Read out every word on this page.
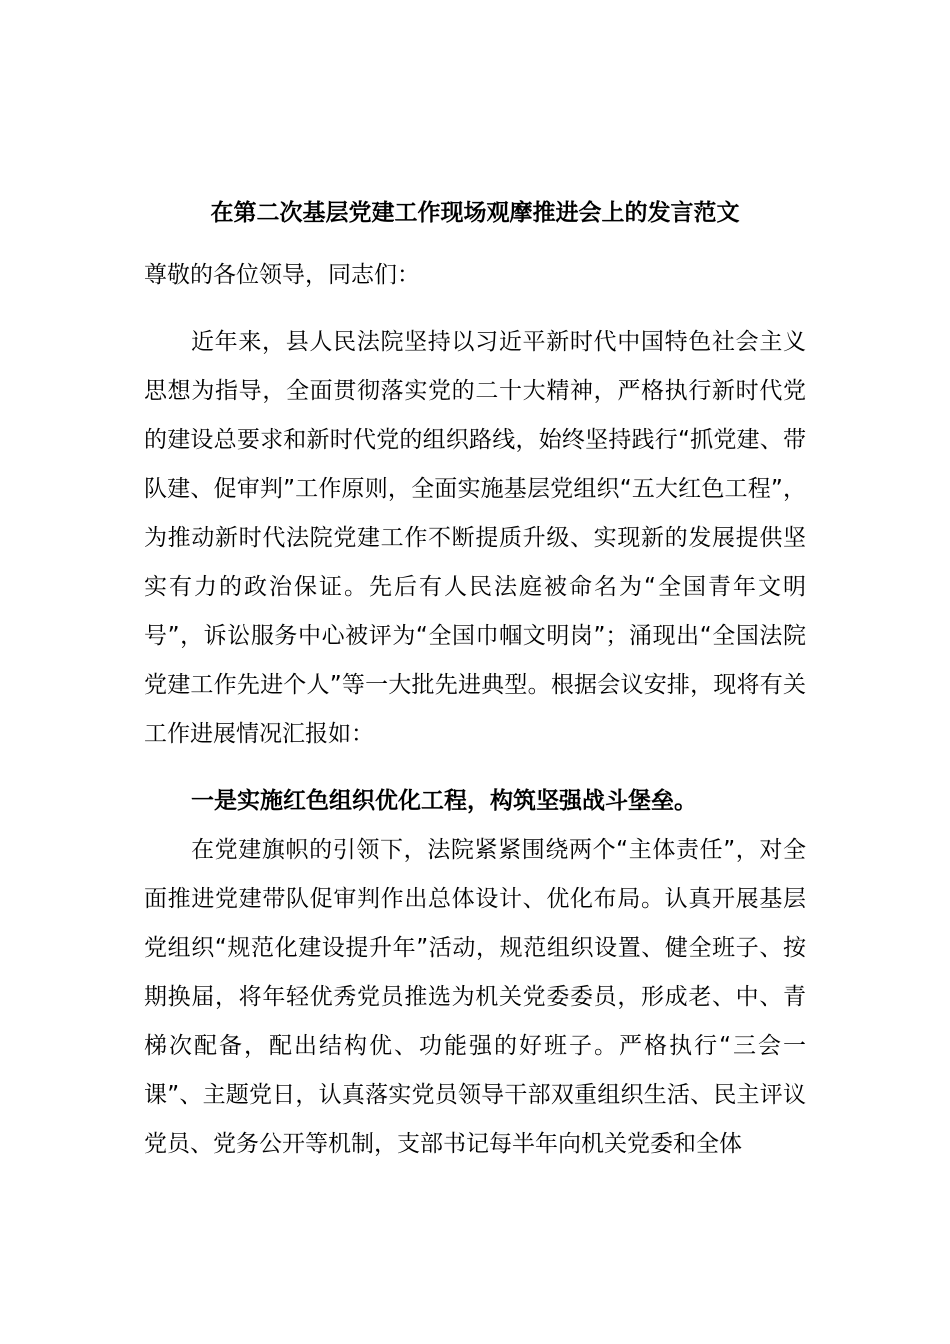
在第二次基层党建工作现场观摩推进会上的发言范文
尊敬的各位领导，同志们：

近年来，县人民法院坚持以习近平新时代中国特色社会主义思想为指导，全面贯彻落实党的二十大精神，严格执行新时代党的建设总要求和新时代党的组织路线，始终坚持践行“抓党建、带队建、促审判”工作原则，全面实施基层党组织“五大红色工程”，为推动新时代法院党建工作不断提质升级、实现新的发展提供坚实有力的政治保证。先后有人民法庭被命名为“全国青年文明号”，诉讼服务中心被评为“全国巾帼文明岗”；涌现出“全国法院党建工作先进个人”等一大批先进典型。根据会议安排，现将有关工作进展情况汇报如：

一是实施红色组织优化工程，构筑坚强战斗堡垒。

在党建旗帜的引领下，法院紧紧围绕两个“主体责任”，对全面推进党建带队促审判作出总体设计、优化布局。认真开展基层党组织“规范化建设提升年”活动，规范组织设置、健全班子、按期换届，将年轻优秀党员推选为机关党委委员，形成老、中、青梯次配备，配出结构优、功能强的好班子。严格执行“三会一课”、主题党日，认真落实党员领导干部双重组织生活、民主评议党员、党务公开等机制，支部书记每半年向机关党委和全体
